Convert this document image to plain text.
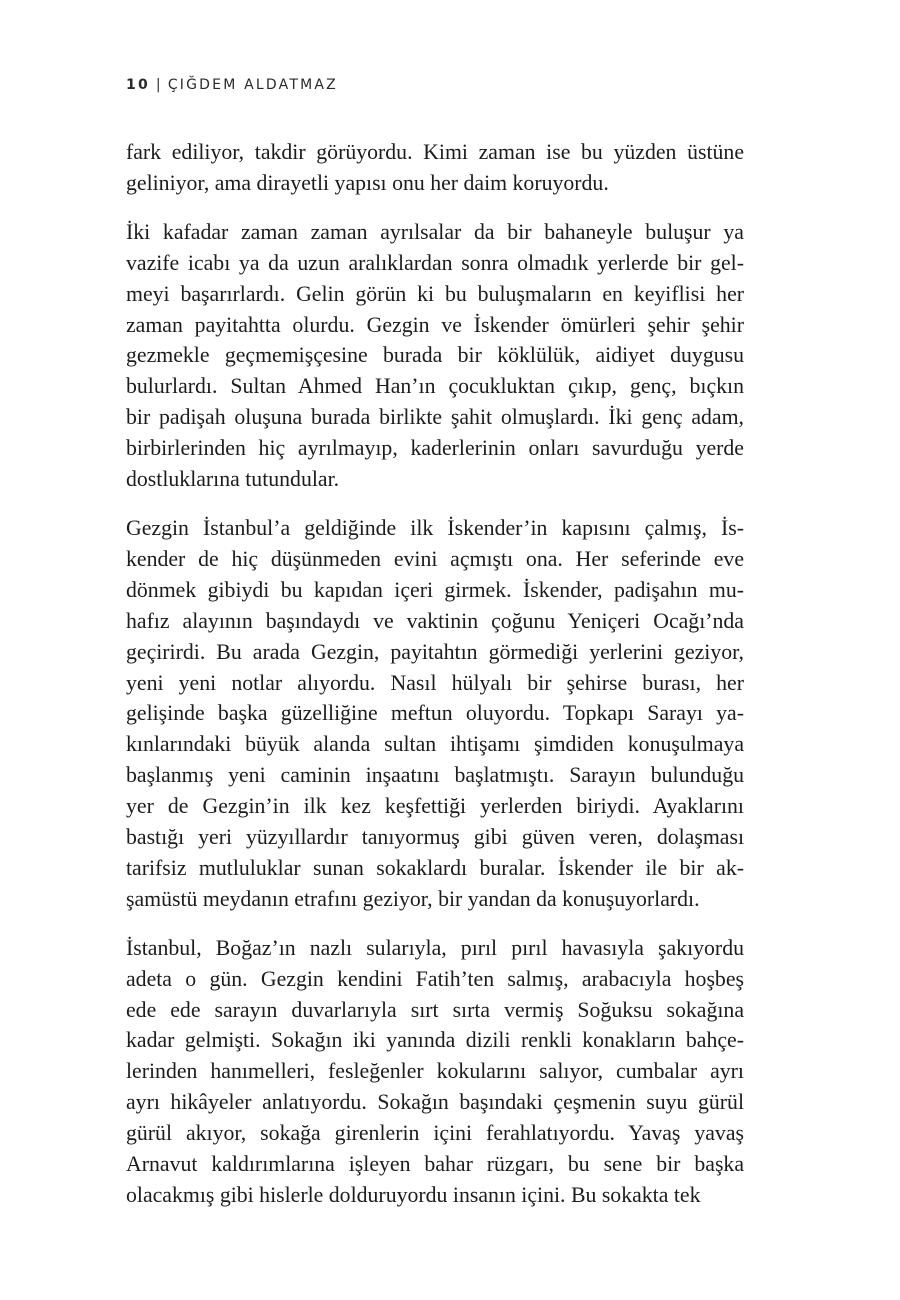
10 | ÇIĞDEM ALDATMAZ

fark ediliyor, takdir görüyordu. Kimi zaman ise bu yüzden üstüne
geliniyor, ama dirayetli yapısı onu her daim koruyordu.

İki kafadar zaman zaman ayrılsalar da bir bahaneyle buluşur ya
vazife icabı ya da uzun aralıklardan sonra olmadık yerlerde bir gel-
meyi başarırlardı. Gelin görün ki bu buluşmaların en keyiflisi her
zaman payitahtta olurdu. Gezgin ve İskender ömürleri şehir şehir
gezmekle geçmemişçesine burada bir köklülük, aidiyet duygusu
bulurlardı. Sultan Ahmed Han’ın çocukluktan çıkıp, genç, bıçkın
bir padişah oluşuna burada birlikte şahit olmuşlardı. İki genç adam,
birbirlerinden hiç ayrılmayıp, kaderlerinin onları savurduğu yerde
dostluklarına tutundular.

Gezgin İstanbul’a geldiğinde ilk İskender’in kapısını çalmış, İs-
kender de hiç düşünmeden evini açmıştı ona. Her seferinde eve
dönmek gibiydi bu kapıdan içeri girmek. İskender, padişahın mu-
hafız alayının başındaydı ve vaktinin çoğunu Yeniçeri Ocağı’nda
geçirirdi. Bu arada Gezgin, payitahtın görmediği yerlerini geziyor,
yeni yeni notlar alıyordu. Nasıl hülyalı bir şehirse burası, her
gelişinde başka güzelliğine meftun oluyordu. Topkapı Sarayı ya-
kınlarındaki büyük alanda sultan ihtişamı şimdiden konuşulmaya
başlanmış yeni caminin inşaatını başlatmıştı. Sarayın bulunduğu
yer de Gezgin’in ilk kez keşfettiği yerlerden biriydi. Ayaklarını
bastığı yeri yüzyıllardır tanıyormuş gibi güven veren, dolaşması
tarifsiz mutluluklar sunan sokaklardı buralar. İskender ile bir ak-
şamüstü meydanın etrafını geziyor, bir yandan da konuşuyorlardı.

İstanbul, Boğaz’ın nazlı sularıyla, pırıl pırıl havasıyla şakıyordu
adeta o gün. Gezgin kendini Fatih’ten salmış, arabacıyla hoşbeş
ede ede sarayın duvarlarıyla sırt sırta vermiş Soğuksu sokağına
kadar gelmişti. Sokağın iki yanında dizili renkli konakların bahçe-
lerinden hanımelleri, fesleğenler kokularını salıyor, cumbalar ayrı
ayrı hikâyeler anlatıyordu. Sokağın başındaki çeşmenin suyu gürül
gürül akıyor, sokağa girenlerin içini ferahlatıyordu. Yavaş yavaş
Arnavut kaldırımlarına işleyen bahar rüzgarı, bu sene bir başka
olacakmış gibi hislerle dolduruyordu insanın içini. Bu sokakta tek
